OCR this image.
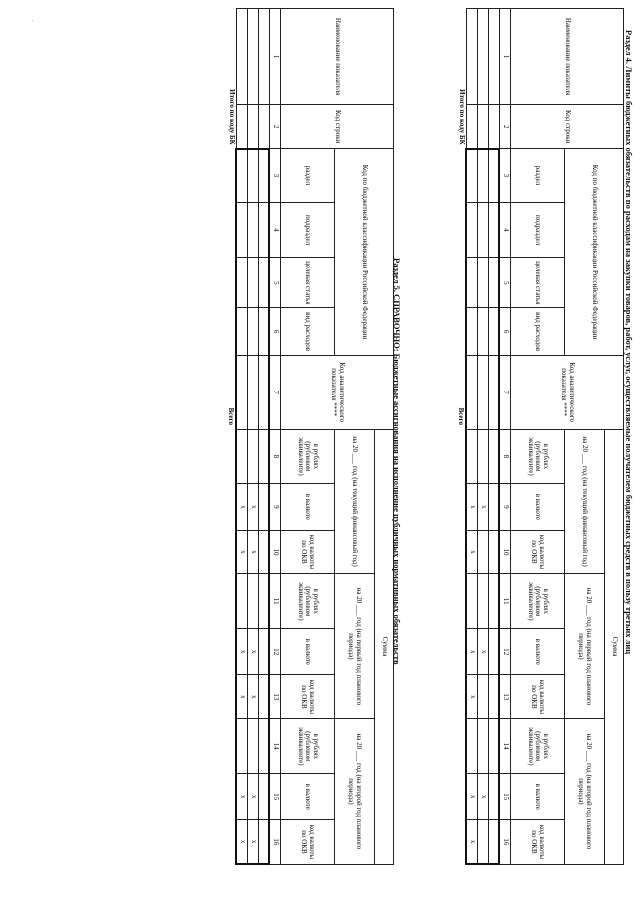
Раздел 4. Лимиты бюджетных обязательств по расходам на закупки товаров, работ, услуг, осуществляемые получателем бюджетных средств в пользу третьих лиц
Раздел 5. СПРАВОЧНО: Бюджетные ассигнования на исполнение публичных нормативных обязательств
Наименование показателя	Код строки	Код по бюджетной классификации Российской Федерации				Код аналитического показателя ****	Сумма								
							на 20 ___ год (на текущий финансовый год)			на 20 ___ год (на первый год планового периода)			на 20 ___ год (на второй год планового периода)		
		раздел	подраздел	целевая статья	вид расходов		в рублях (рублевом эквиваленте)	в валюте	код валюты по ОКВ	в рублях (рублевом эквиваленте)	в валюте	код валюты по ОКВ	в рублях (рублевом эквиваленте)	в валюте	код валюты по ОКВ

1	2	3	4	5	6	7	8	9	10	11	12	13	14	15	16

								x			x			x	
								x	x		x	x		x	x
Итого по коду БК		Всего													
Наименование показателя	Код строки	Код по бюджетной классификации Российской Федерации				Код аналитического показателя ****	Сумма								
							на 20 ___ год (на текущий финансовый год)			на 20 ___ год (на первый год планового периода)			на 20 ___ год (на второй год планового периода)		
		раздел	подраздел	целевая статья	вид расходов		в рублях (рублевом эквиваленте)	в валюте	код валюты по ОКВ	в рублях (рублевом эквиваленте)	в валюте	код валюты по ОКВ	в рублях (рублевом эквиваленте)	в валюте	код валюты по ОКВ

1	2	3	4	5	6	7	8	9	10	11	12	13	14	15	16

								x	x		x	x		x	x
								x	x		x	x		x	x
Итого по коду БК		Всего													
.
